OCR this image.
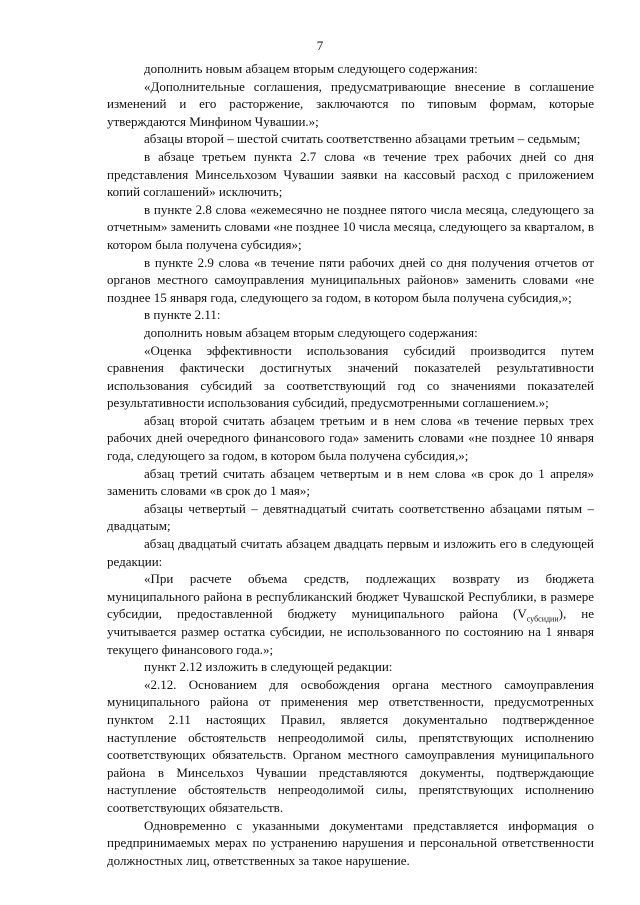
7

дополнить новым абзацем вторым следующего содержания:

«Дополнительные соглашения, предусматривающие внесение в соглашение изменений и его расторжение, заключаются по типовым формам, которые утверждаются Минфином Чувашии.»;

абзацы второй – шестой считать соответственно абзацами третьим – седьмым;

в абзаце третьем пункта 2.7 слова «в течение трех рабочих дней со дня представления Минсельхозом Чувашии заявки на кассовый расход с приложением копий соглашений» исключить;

в пункте 2.8 слова «ежемесячно не позднее пятого числа месяца, следующего за отчетным» заменить словами «не позднее 10 числа месяца, следующего за кварталом, в котором была получена субсидия»;

в пункте 2.9 слова «в течение пяти рабочих дней со дня получения отчетов от органов местного самоуправления муниципальных районов» заменить словами «не позднее 15 января года, следующего за годом, в котором была получена субсидия,»;

в пункте 2.11:

дополнить новым абзацем вторым следующего содержания:

«Оценка эффективности использования субсидий производится путем сравнения фактически достигнутых значений показателей результативности использования субсидий за соответствующий год со значениями показателей результативности использования субсидий, предусмотренными соглашением.»;

абзац второй считать абзацем третьим и в нем слова «в течение первых трех рабочих дней очередного финансового года» заменить словами «не позднее 10 января года, следующего за годом, в котором была получена субсидия,»;

абзац третий считать абзацем четвертым и в нем слова «в срок до 1 апреля» заменить словами «в срок до 1 мая»;

абзацы четвертый – девятнадцатый считать соответственно абзацами пятым – двадцатым;

абзац двадцатый считать абзацем двадцать первым и изложить его в следующей редакции:

«При расчете объема средств, подлежащих возврату из бюджета муниципального района в республиканский бюджет Чувашской Республики, в размере субсидии, предоставленной бюджету муниципального района $(V_{субсидии})$, не учитывается размер остатка субсидии, не использованного по состоянию на 1 января текущего финансового года.»;

пункт 2.12 изложить в следующей редакции:

«2.12. Основанием для освобождения органа местного самоуправления муниципального района от применения мер ответственности, предусмотренных пунктом 2.11 настоящих Правил, является документально подтвержденное наступление обстоятельств непреодолимой силы, препятствующих исполнению соответствующих обязательств. Органом местного самоуправления муниципального района в Минсельхоз Чувашии представляются документы, подтверждающие наступление обстоятельств непреодолимой силы, препятствующих исполнению соответствующих обязательств.

Одновременно с указанными документами представляется информация о предпринимаемых мерах по устранению нарушения и персональной ответственности должностных лиц, ответственных за такое нарушение.
